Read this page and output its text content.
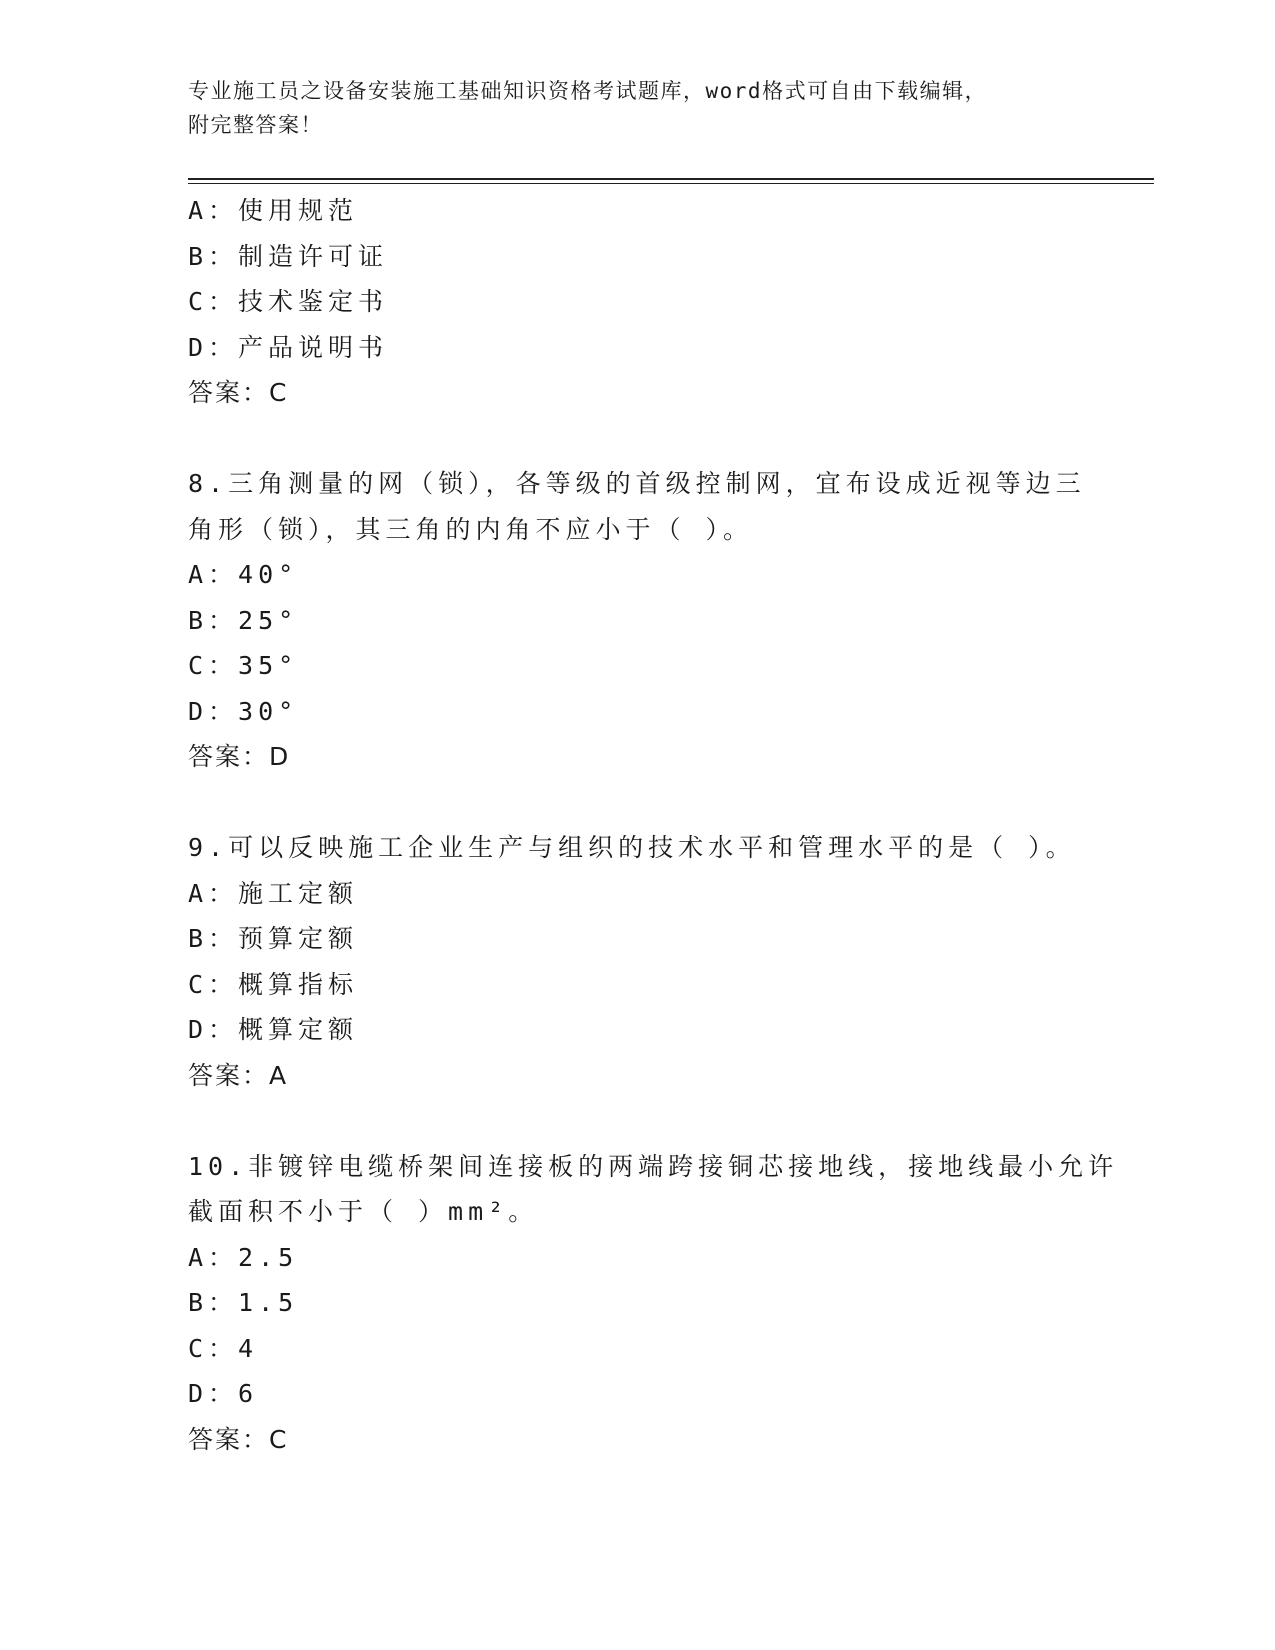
专业施工员之设备安装施工基础知识资格考试题库，word格式可自由下载编辑，
附完整答案！
A：使用规范
B：制造许可证
C：技术鉴定书
D：产品说明书
答案：C
8.三角测量的网（锁），各等级的首级控制网，宜布设成近视等边三
角形（锁），其三角的内角不应小于（ ）。
A：40°
B：25°
C：35°
D：30°
答案：D
9.可以反映施工企业生产与组织的技术水平和管理水平的是（ ）。
A：施工定额
B：预算定额
C：概算指标
D：概算定额
答案：A
10.非镀锌电缆桥架间连接板的两端跨接铜芯接地线，接地线最小允许
截面积不小于（ ）mm²。
A：2.5
B：1.5
C：4
D：6
答案：C
